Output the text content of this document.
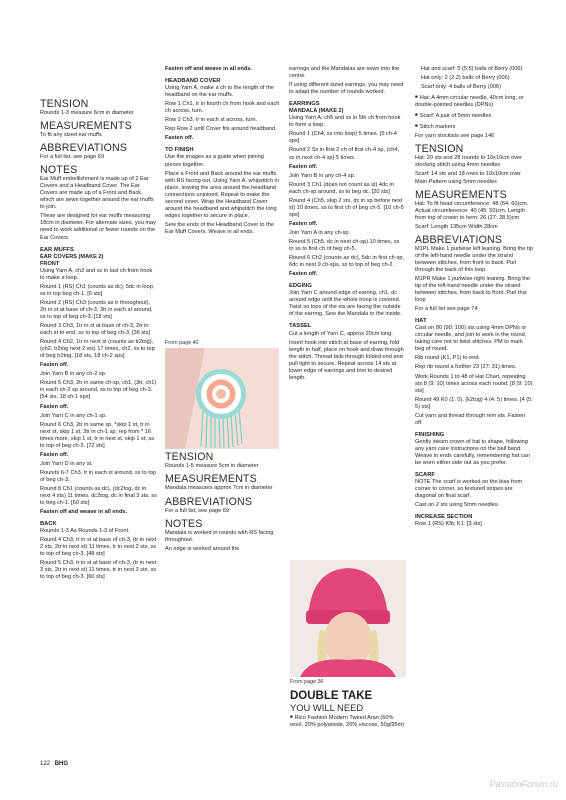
TENSION

Rounds 1-3 measure 6cm in diameter

MEASUREMENTS

To fit any sized ear muffs

ABBREVIATIONS

For a full list, see page 69

NOTES

Ear Muff embellishment is made up of 2 Ear Covers and a Headband Cover. The Ear Covers are made up of a Front and Back, which are sewn together around the ear muffs to join.

These are designed for ear muffs measuring 18cm in diameter. For alternate sizes, you may need to work additional or fewer rounds on the Ear Covers.

EAR MUFFS
EAR COVERS (MAKE 2)
FRONT

Using Yarn A, ch3 and ss in last ch from hook to make a loop.

Round 1 (RS) Ch1 (counts as dc), 5dc in loop, ss in top beg ch-1. [6 sts]

Round 2 (RS) Ch3 (counts as tr throughout), 2tr in st at base of ch-3, 3tr in each st around, ss to top of beg ch-3. [18 sts]

Round 3 Ch3, 1tr in st at base of ch-3, 2tr in each st to end, ss to top of beg ch-3. [36 sts]

Round 4 Ch2, 1tr in next st (counts as tr2tog), (ch2, tr2tog next 2 sts) 17 times, ch2, ss to top of beg tr2tog. [18 sts, 18 ch-2 sps]

Fasten off.

Join Yarn B in any ch-2 sp.

Round 5 Ch3, 2tr in same ch-sp, ch1, (3tr, ch1) in each ch-2 sp around, ss to top of beg ch-3. [54 sts, 18 ch-1 sps]

Fasten off.

Join Yarn C in any ch-1 sp.

Round 6 Ch3, 2tr in same sp, *skip 1 st, tr in next st, skip 1 st, 3tr in ch-1 sp; rep from * 16 times more, skip 1 st, tr in next st, skip 1 st, ss to top of beg ch-3. [72 sts]

Fasten off.

Join Yarn D in any st.

Rounds 6-7 Ch3, tr in each st around, ss to top of beg ch-3.

Round 8 Ch1 (counts as dc), (dc2tog, dc in next 4 sts) 11 times, dc2tog, dc in final 3 sts, ss to beg ch-1. [60 sts]

Fasten off and weave in all ends.

BACK

Rounds 1-3 As Rounds 1-3 of Front.

Round 4 Ch3, tr in st at base of ch-3, (tr in next 2 sts, 2tr in next st) 11 times, tr in next 2 sts, ss to top of beg ch-3. [48 sts]

Round 5 Ch3, tr in st at base of ch-3, (tr in next 3 sts, 2tr in next st) 11 times, tr in next 3 sts, ss to top of beg ch-3. [60 sts]

Fasten off and weave in all ends.

HEADBAND COVER

Using Yarn A, make a ch to the length of the headband on the ear muffs.

Row 1 Ch1, tr in fourth ch from hook and each ch across, turn.

Row 2 Ch3, tr in each st across, turn.

Rep Row 2 until Cover fits around headband.

Fasten off.

TO FINISH

Use the images as a guide when joining pieces together.

Place a Front and Back around the ear muffs with RS facing out. Using Yarn A, whipstitch in place, leaving the area around the headband connections unjoined. Repeat to make the second cover. Wrap the Headband Cover around the headband and whipstitch the long edges together to secure in place.

Sew the ends of the Headband Cover to the Ear Muff Covers. Weave in all ends.

From page 40

■

■

■

TENSION

Rounds 1-5 measure 5cm in diameter

MEASUREMENTS

Mandala measures approx 7cm in diameter

ABBREVIATIONS

For a full list, see page 69

NOTES

Mandala is worked in rounds with RS facing throughout.

An edge is worked around the

earrings and the Mandalas are sewn into the centre.

If using different sized earrings, you may need to adapt the number of rounds worked.

EARRINGS
MANDALA (MAKE 2)

Using Yarn A, ch5 and ss in 5th ch from hook to form a loop.

Round 1 (Ch4, ss into loop) 5 times. [5 ch-4 sps]

Round 2 Ss in first 2 ch of first ch-4 sp, (ch4, ss in next ch-4 sp) 5 times.

Fasten off.

Join Yarn B in any ch-4 sp.

Round 3 Ch1 (does not count as st) 4dc in each ch-sp around, ss to beg dc. [20 sts]

Round 4 (Ch5, skip 2 sts, dc in sp before next st) 10 times, ss to first ch of beg ch-5. [10 ch-5 sps]

Fasten off.

Join Yarn A in any ch-sp.

Round 5 (Ch5, dc in next ch-sp) 10 times, ss to ss to first ch of beg ch-5.

Round 6 Ch2 (counts as dc), 5dc in first ch-sp, 6dc in next 9 ch-sps, ss to top of beg ch-2.

Fasten off.

EDGING

Join Yarn C around edge of earring, ch1, dc around edge until the whole hoop is covered. Twist so tops of the sts are facing the outside of the earring. Sew the Mandala to the inside.

TASSEL

Cut a length of Yarn C, approx 20cm long.

Insert hook into stitch at base of earring, fold length in half, place on hook and draw through the stitch. Thread tails through folded end and pull tight to secure. Repeat across 14 sts at lower edge of earrings and trim to desired length.

From page 36
DOUBLE TAKE
YOU WILL NEED

■ Rico Fashion Modern Tweed Aran (60% wool, 20% polyamide, 20% viscose, 50g/95m)

Hat and scarf: 5 (5:5) balls of Berry (006)

Hat only: 2 (2:2) balls of Berry (006)

Scarf only: 4 balls of Berry (006)

■ Hat: A 4mm circular needle, 40cm long, or double-pointed needles (DPNs)

■ Scarf: A pair of 5mm needles

■ Stitch markers

For yarn stockists see page 146

TENSION

Hat: 20 sts and 28 rounds to 10x10cm over stocking stitch using 4mm needles

Scarf: 14 sts and 18 rows to 10x10cm over Main Pattern using 5mm needles

MEASUREMENTS

Hat: To fit head circumference: 48 (54: 60)cm. Actual circumference: 40 (45: 50)cm. Length from top of crown to hem: 26 (27: 28.5)cm

Scarf: Length 135cm Width 28cm

ABBREVIATIONS

M1PL Make 1 purlwise left leaning. Bring the tip of the left-hand needle under the strand between stitches, from front to back. Purl through the back of this loop

M1PR Make 1 purlwise right leaning. Bring the tip of the left-hand needle under the strand between stitches, from back to front. Purl this loop

For a full list see page 74

HAT

Cast on 80 (90: 100) sts using 4mm DPNs or circular needle, and join to work in the round, taking care not to twist stitches. PM to mark beg of round.

Rib round (K1, P1) to end.

Rep rib round a further 23 (27: 31) times.

Work Rounds 1 to 48 of Hat Chart, repeating sts 8 (9: 10) times across each round. [8 (9: 10) sts]

Round 49 K0 (1: 0), (k2tog) 4 (4: 5) times. [4 (5: 5) sts]

Cut yarn and thread through rem sts. Fasten off.

FINISHING

Gently steam crown of hat to shape, following any yarn care instructions on the ball band. Weave in ends carefully, remembering hat can be worn either side out as you prefer.

SCARF

NOTE The scarf is worked on the bias from corner to corner, so textured stripes are diagonal on final scarf.

Cast on 2 sts using 5mm needles.

INCREASE SECTION

Row 1 (RS) Kfb, K1. [3 sts]

122 BHG
PassionForum.ru
